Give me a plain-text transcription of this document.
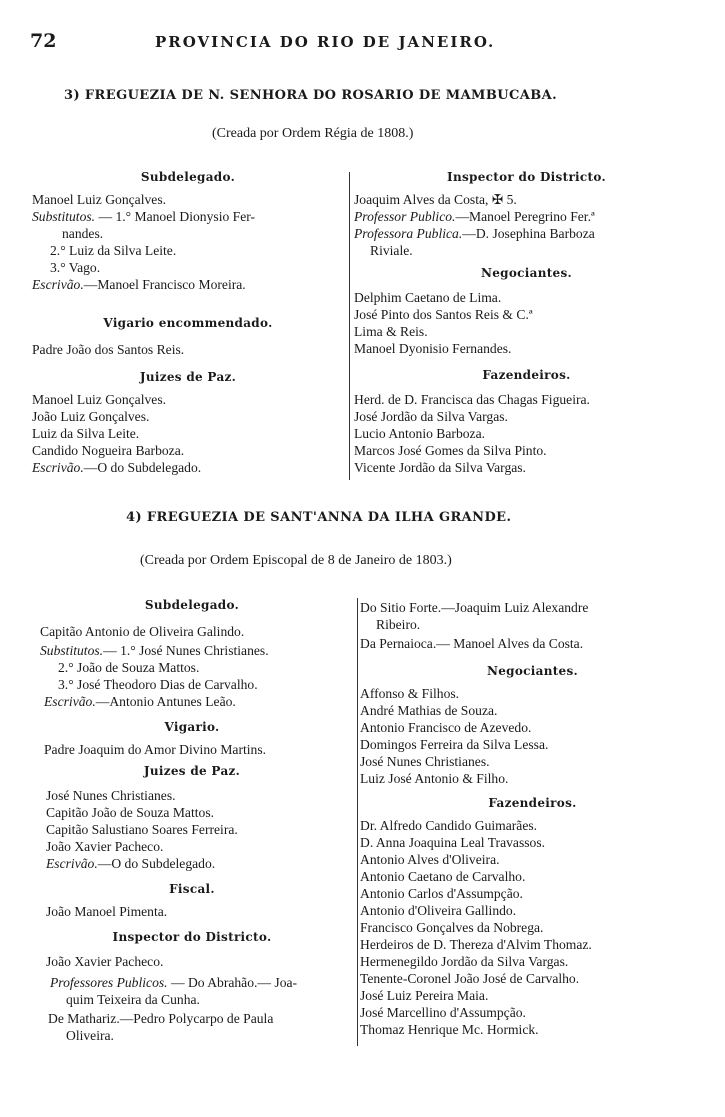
72	PROVINCIA DO RIO DE JANEIRO.
3) FREGUEZIA DE N. SENHORA DO ROSARIO DE MAMBUCABA.
(Creada por Ordem Régia de 1808.)
Subdelegado.
Manoel Luiz Gonçalves.
Substitutos. — 1.° Manoel Dionysio Fer-
nandes.
2.° Luiz da Silva Leite.
3.° Vago.
Escrivão.—Manoel Francisco Moreira.
Vigario encommendado.
Padre João dos Santos Reis.
Juizes de Paz.
Manoel Luiz Gonçalves.
João Luiz Gonçalves.
Luiz da Silva Leite.
Candido Nogueira Barboza.
Escrivão.—O do Subdelegado.
Inspector do Districto.
Joaquim Alves da Costa, ✠ 5.
Professor Publico.—Manoel Peregrino Fer.ª
Professora Publica.—D. Josephina Barboza
Riviale.
Negociantes.
Delphim Caetano de Lima.
José Pinto dos Santos Reis & C.ª
Lima & Reis.
Manoel Dyonisio Fernandes.
Fazendeiros.
Herd. de D. Francisca das Chagas Figueira.
José Jordão da Silva Vargas.
Lucio Antonio Barboza.
Marcos José Gomes da Silva Pinto.
Vicente Jordão da Silva Vargas.
4) FREGUEZIA DE SANT'ANNA DA ILHA GRANDE.
(Creada por Ordem Episcopal de 8 de Janeiro de 1803.)
Subdelegado.
Capitão Antonio de Oliveira Galindo.
Substitutos.— 1.° José Nunes Christianes.
2.° João de Souza Mattos.
3.° José Theodoro Dias de Carvalho.
Escrivão.—Antonio Antunes Leão.
Vigario.
Padre Joaquim do Amor Divino Martins.
Juizes de Paz.
José Nunes Christianes.
Capitão João de Souza Mattos.
Capitão Salustiano Soares Ferreira.
João Xavier Pacheco.
Escrivão.—O do Subdelegado.
Fiscal.
João Manoel Pimenta.
Inspector do Districto.
João Xavier Pacheco.
Professores Publicos. — Do Abrahão.— Joa-
quim Teixeira da Cunha.
De Mathariz.—Pedro Polycarpo de Paula
Oliveira.
Do Sitio Forte.—Joaquim Luiz Alexandre
Ribeiro.
Da Pernaioca.— Manoel Alves da Costa.
Negociantes.
Affonso & Filhos.
André Mathias de Souza.
Antonio Francisco de Azevedo.
Domingos Ferreira da Silva Lessa.
José Nunes Christianes.
Luiz José Antonio & Filho.
Fazendeiros.
Dr. Alfredo Candido Guimarães.
D. Anna Joaquina Leal Travassos.
Antonio Alves d'Oliveira.
Antonio Caetano de Carvalho.
Antonio Carlos d'Assumpção.
Antonio d'Oliveira Gallindo.
Francisco Gonçalves da Nobrega.
Herdeiros de D. Thereza d'Alvim Thomaz.
Hermenegildo Jordão da Silva Vargas.
Tenente-Coronel João José de Carvalho.
José Luiz Pereira Maia.
José Marcellino d'Assumpção.
Thomaz Henrique Mc. Hormick.
